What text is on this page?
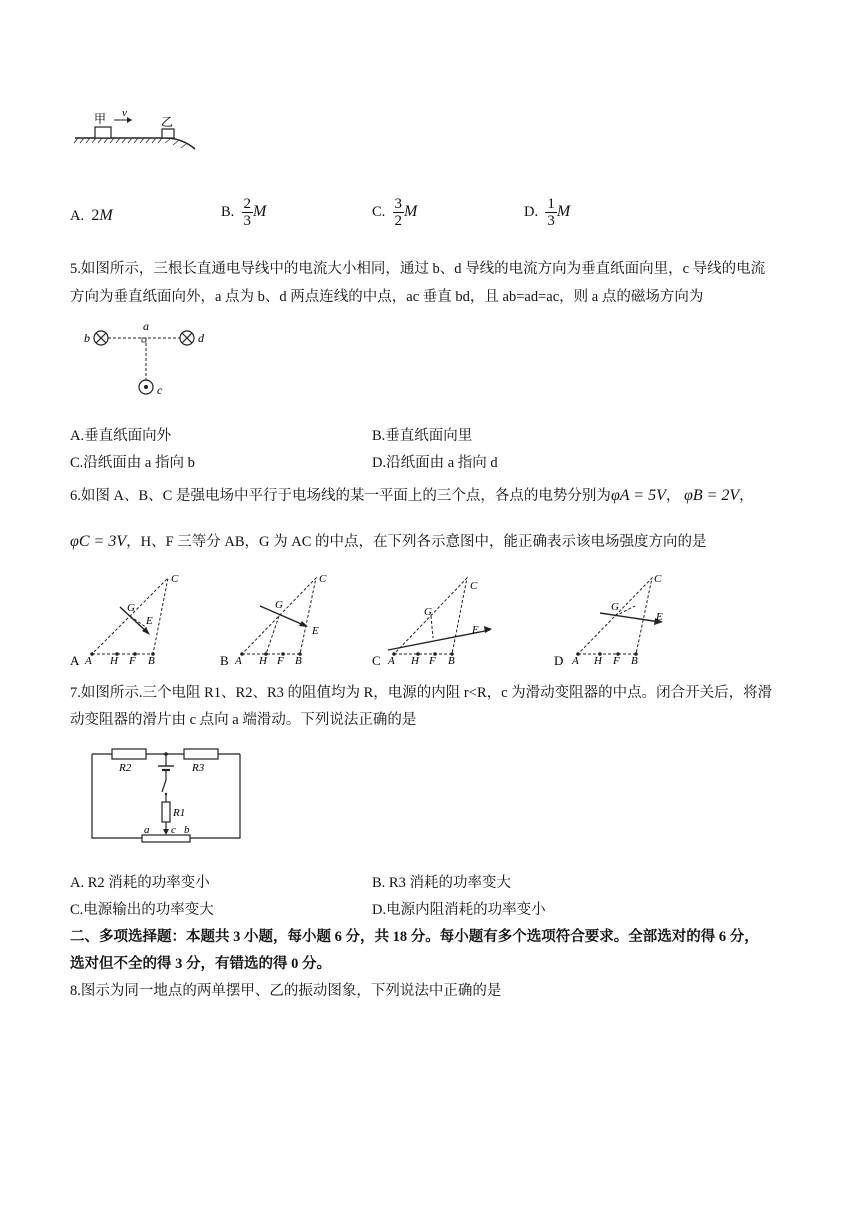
甲 v
乙
A. 2M	B. $\frac{2}{3}$ M	C. $\frac{3}{2}$ M	D. $\frac{1}{3}$ M
5.如图所示，三根长直通电导线中的电流大小相同，通过 b、d 导线的电流方向为垂直纸面向里，c 导线的电流
方向为垂直纸面向外，a 点为 b、d 两点连线的中点，ac 垂直 bd，且 ab=ad=ac，则 a 点的磁场方向为
b
a
d
c
A.垂直纸面向外	B.垂直纸面向里
C.沿纸面由 a 指向 b	D.沿纸面由 a 指向 d
6.如图 A、B、C 是强电场中平行于电场线的某一平面上的三个点，各点的电势分别为φA = 5V， φB = 2V，
φC = 3V，H、F 三等分 AB，G 为 AC 的中点，在下列各示意图中，能正确表示该电场强度方向的是
A A H F B
G
C
E
B A H F B
G
C
E
C A H F B
G
C
E
D A H F B
G
C
E
7.如图所示.三个电阻 R1、R2、R3 的阻值均为 R，电源的内阻 r<R，c 为滑动变阻器的中点。闭合开关后，将滑
动变阻器的滑片由 c 点向 a 端滑动。下列说法正确的是
R2	R3
R1
a c b
A. R2 消耗的功率变小	B. R3 消耗的功率变大
C.电源输出的功率变大	D.电源内阻消耗的功率变小
二、多项选择题：本题共 3 小题，每小题 6 分，共 18 分。每小题有多个选项符合要求。全部选对的得 6 分，
选对但不全的得 3 分，有错选的得 0 分。
8.图示为同一地点的两单摆甲、乙的振动图象，下列说法中正确的是
